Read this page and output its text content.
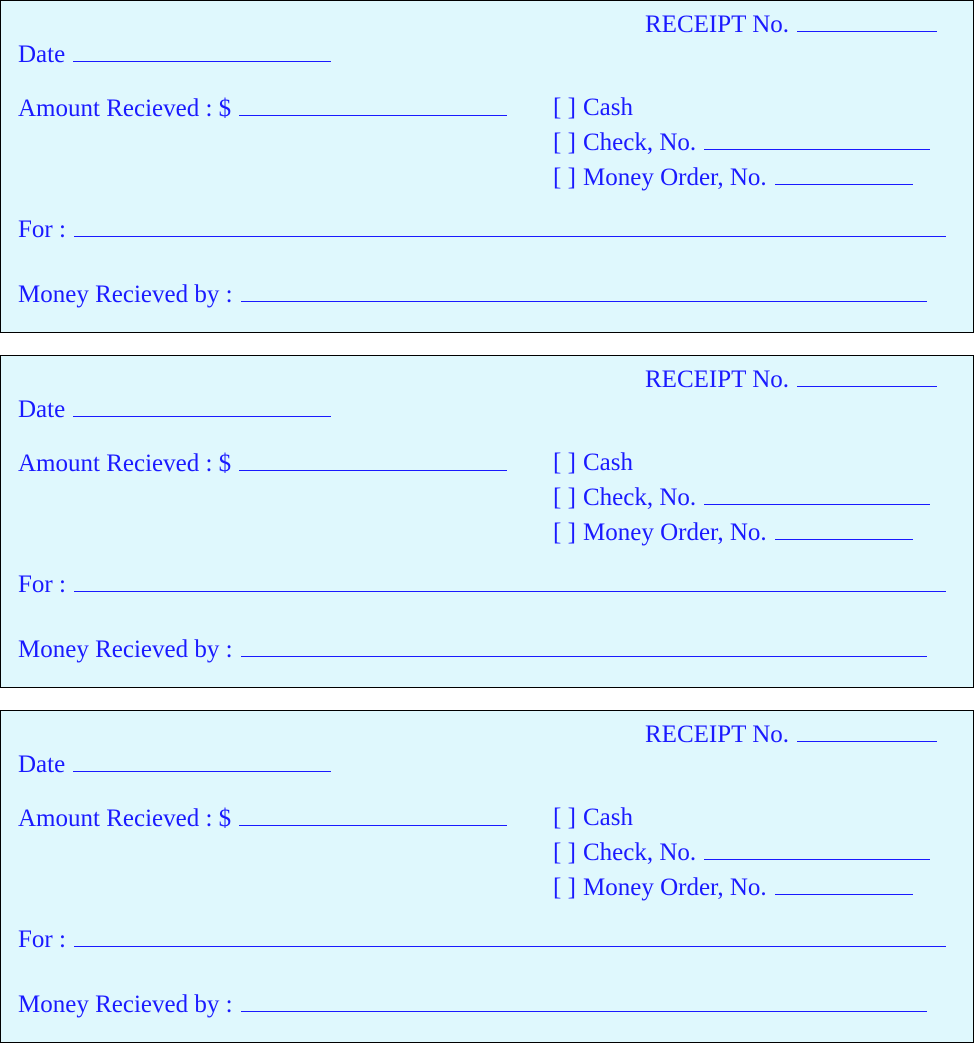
RECEIPT No.
Date
Amount Recieved : $	[ ] Cash
[ ] Check, No.
[ ] Money Order, No.
For :
Money Recieved by :
RECEIPT No.
Date
Amount Recieved : $	[ ] Cash
[ ] Check, No.
[ ] Money Order, No.
For :
Money Recieved by :
RECEIPT No.
Date
Amount Recieved : $	[ ] Cash
[ ] Check, No.
[ ] Money Order, No.
For :
Money Recieved by :
